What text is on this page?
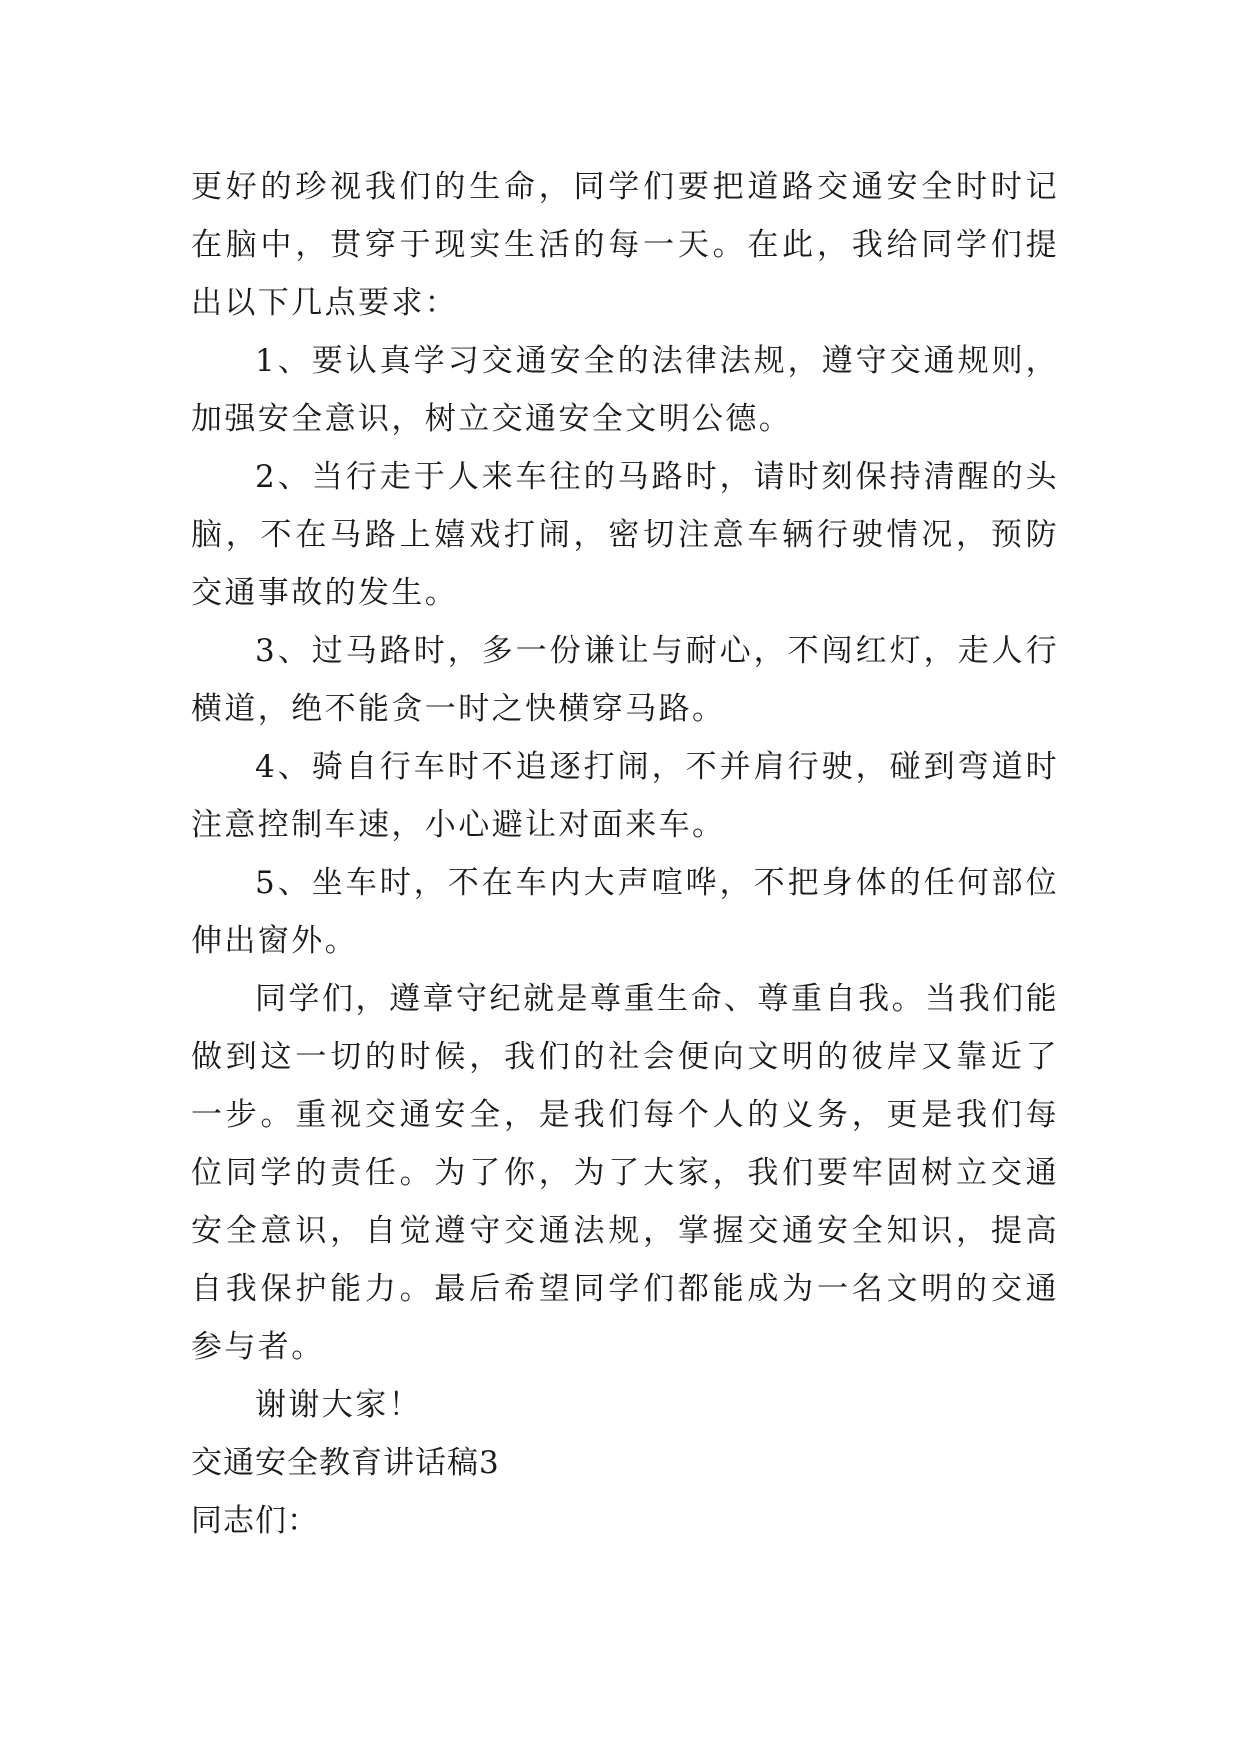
更好的珍视我们的生命，同学们要把道路交通安全时时记在脑中，贯穿于现实生活的每一天。在此，我给同学们提出以下几点要求：

1、要认真学习交通安全的法律法规，遵守交通规则，加强安全意识，树立交通安全文明公德。

2、当行走于人来车往的马路时，请时刻保持清醒的头脑，不在马路上嬉戏打闹，密切注意车辆行驶情况，预防交通事故的发生。

3、过马路时，多一份谦让与耐心，不闯红灯，走人行横道，绝不能贪一时之快横穿马路。

4、骑自行车时不追逐打闹，不并肩行驶，碰到弯道时注意控制车速，小心避让对面来车。

5、坐车时，不在车内大声喧哗，不把身体的任何部位伸出窗外。

同学们，遵章守纪就是尊重生命、尊重自我。当我们能做到这一切的时候，我们的社会便向文明的彼岸又靠近了一步。重视交通安全，是我们每个人的义务，更是我们每位同学的责任。为了你，为了大家，我们要牢固树立交通安全意识，自觉遵守交通法规，掌握交通安全知识，提高自我保护能力。最后希望同学们都能成为一名文明的交通参与者。

谢谢大家！

交通安全教育讲话稿3

同志们：
